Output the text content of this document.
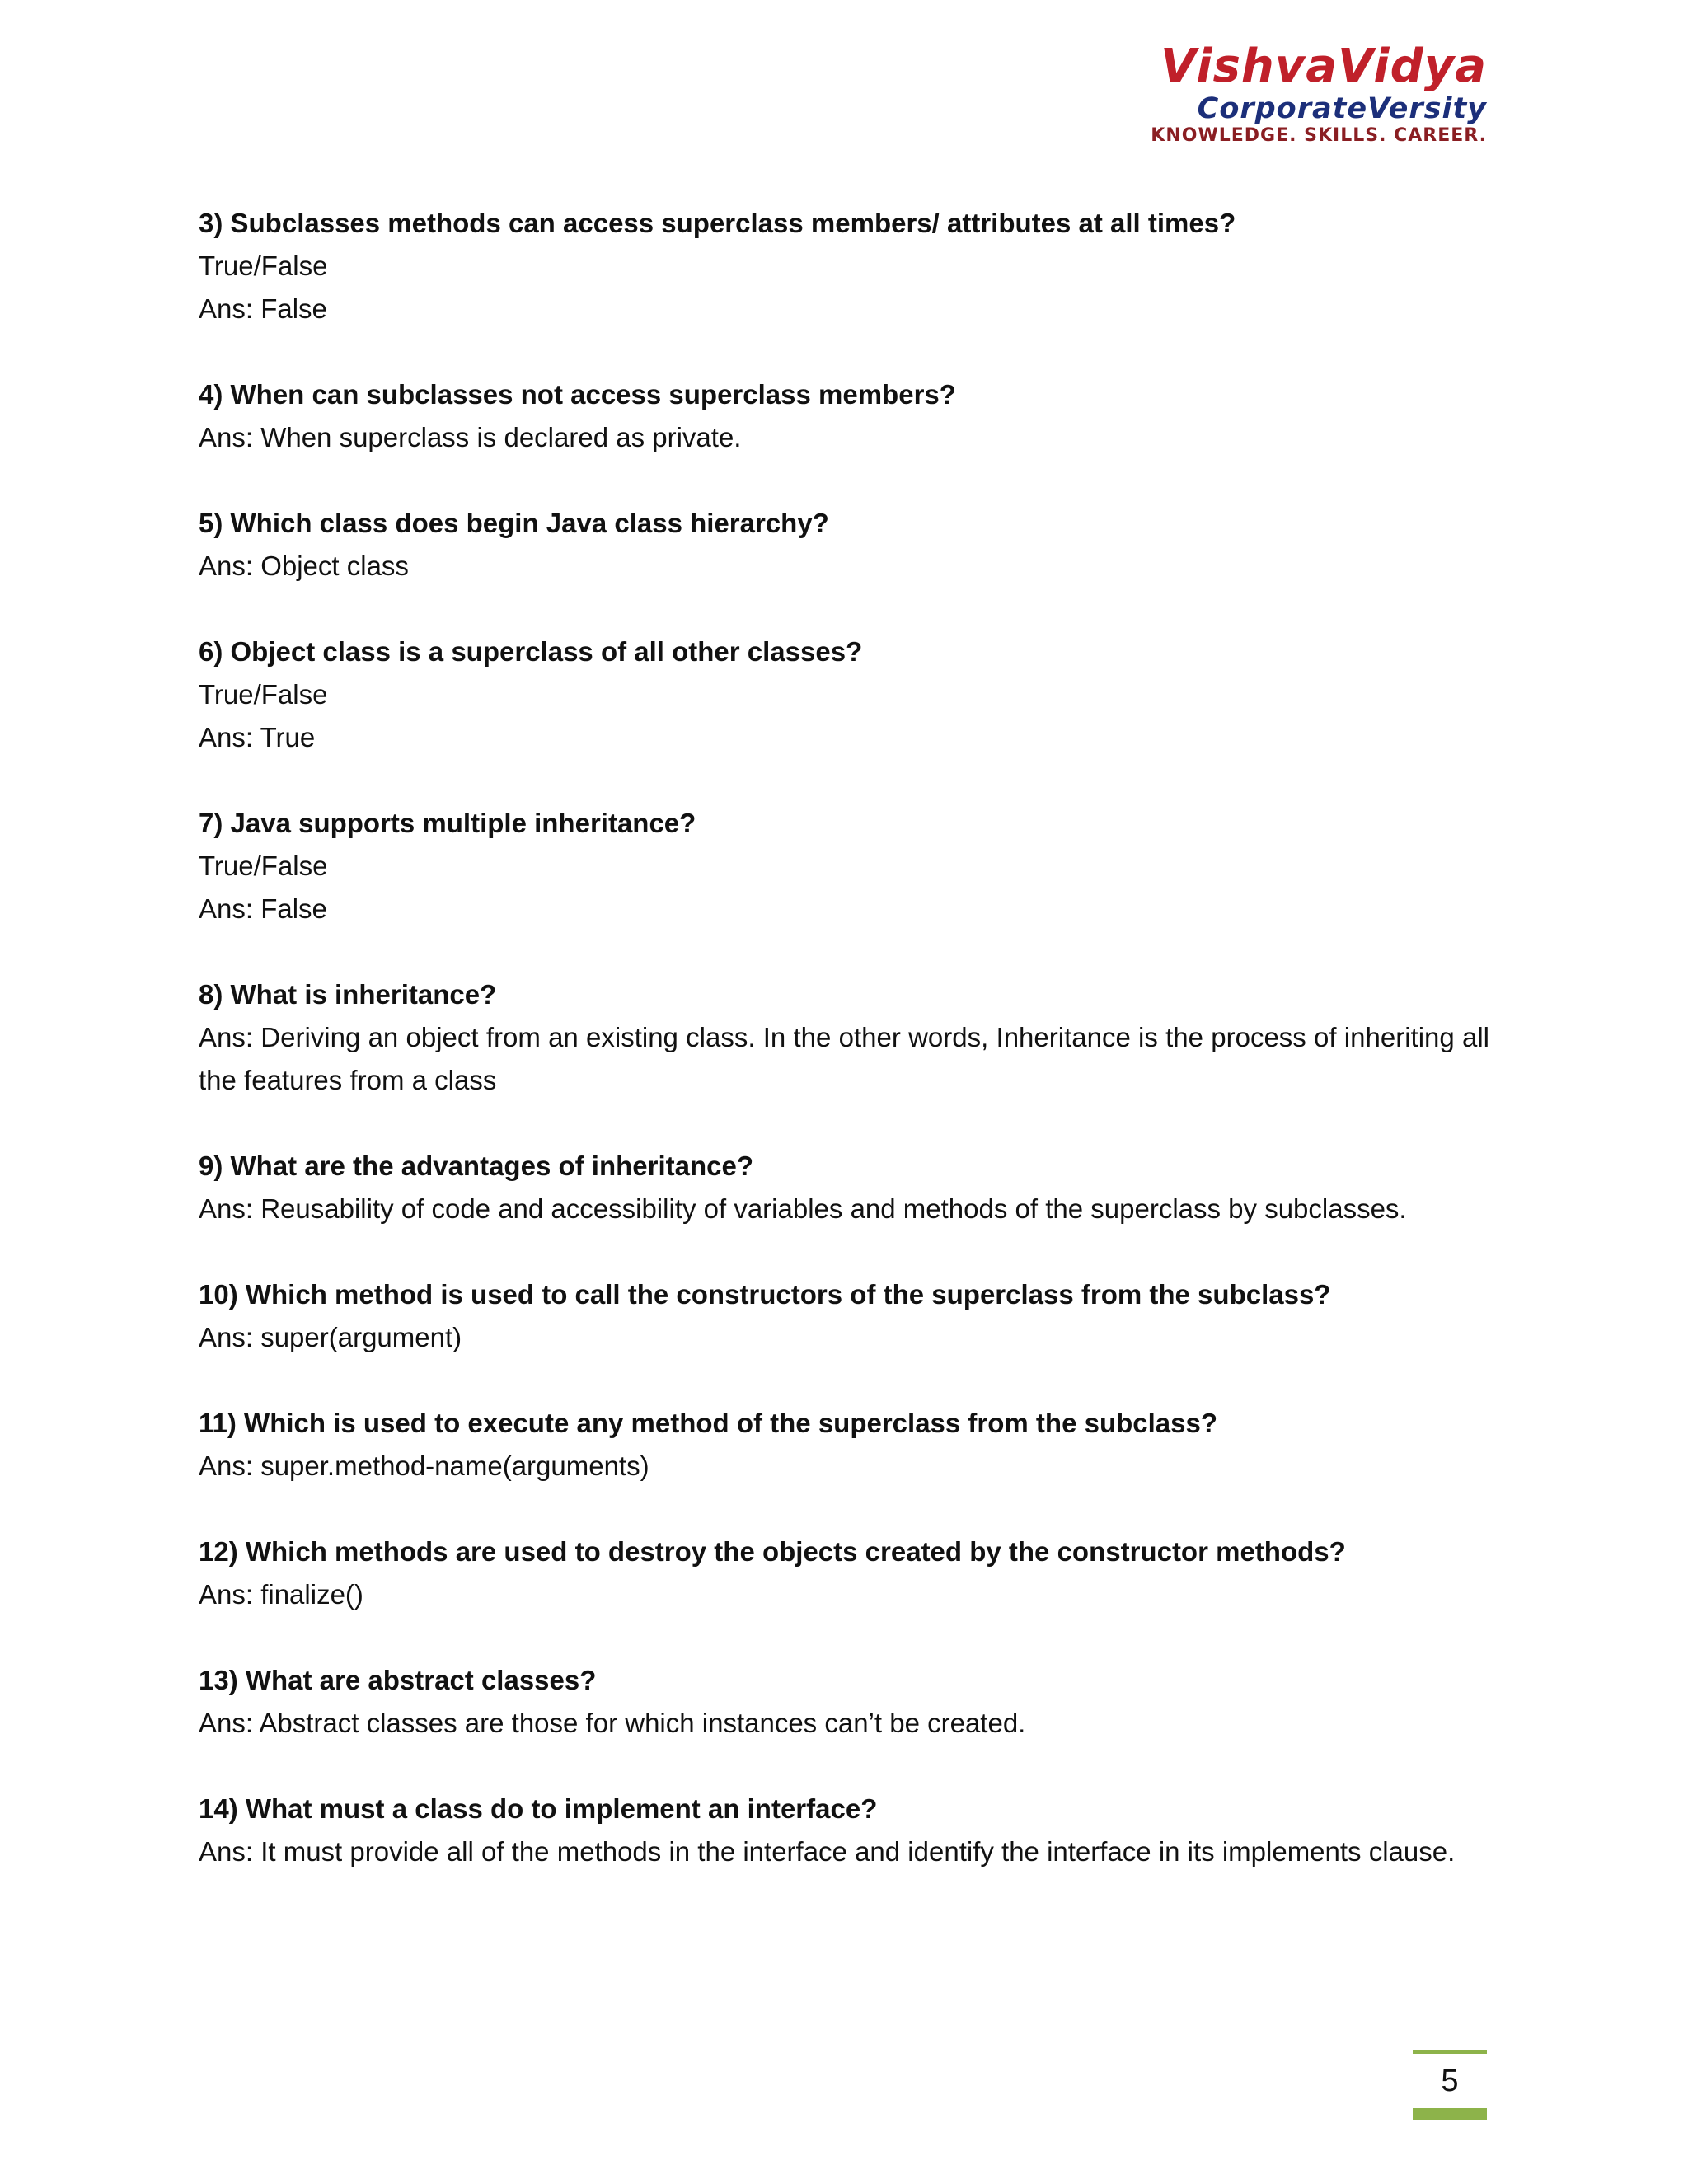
VishvaVidya
CorporateVersity
KNOWLEDGE. SKILLS. CAREER.
3) Subclasses methods can access superclass members/ attributes at all times?
True/False
Ans: False
4) When can subclasses not access superclass members?
Ans: When superclass is declared as private.
5) Which class does begin Java class hierarchy?
Ans: Object class
6) Object class is a superclass of all other classes?
True/False
Ans: True
7) Java supports multiple inheritance?
True/False
Ans: False
8) What is inheritance?
Ans: Deriving an object from an existing class. In the other words, Inheritance is the process of inheriting all the features from a class
9) What are the advantages of inheritance?
Ans: Reusability of code and accessibility of variables and methods of the superclass by subclasses.
10) Which method is used to call the constructors of the superclass from the subclass?
Ans: super(argument)
11) Which is used to execute any method of the superclass from the subclass?
Ans: super.method-name(arguments)
12) Which methods are used to destroy the objects created by the constructor methods?
Ans: finalize()
13) What are abstract classes?
Ans: Abstract classes are those for which instances can’t be created.
14) What must a class do to implement an interface?
Ans: It must provide all of the methods in the interface and identify the interface in its implements clause.
5
